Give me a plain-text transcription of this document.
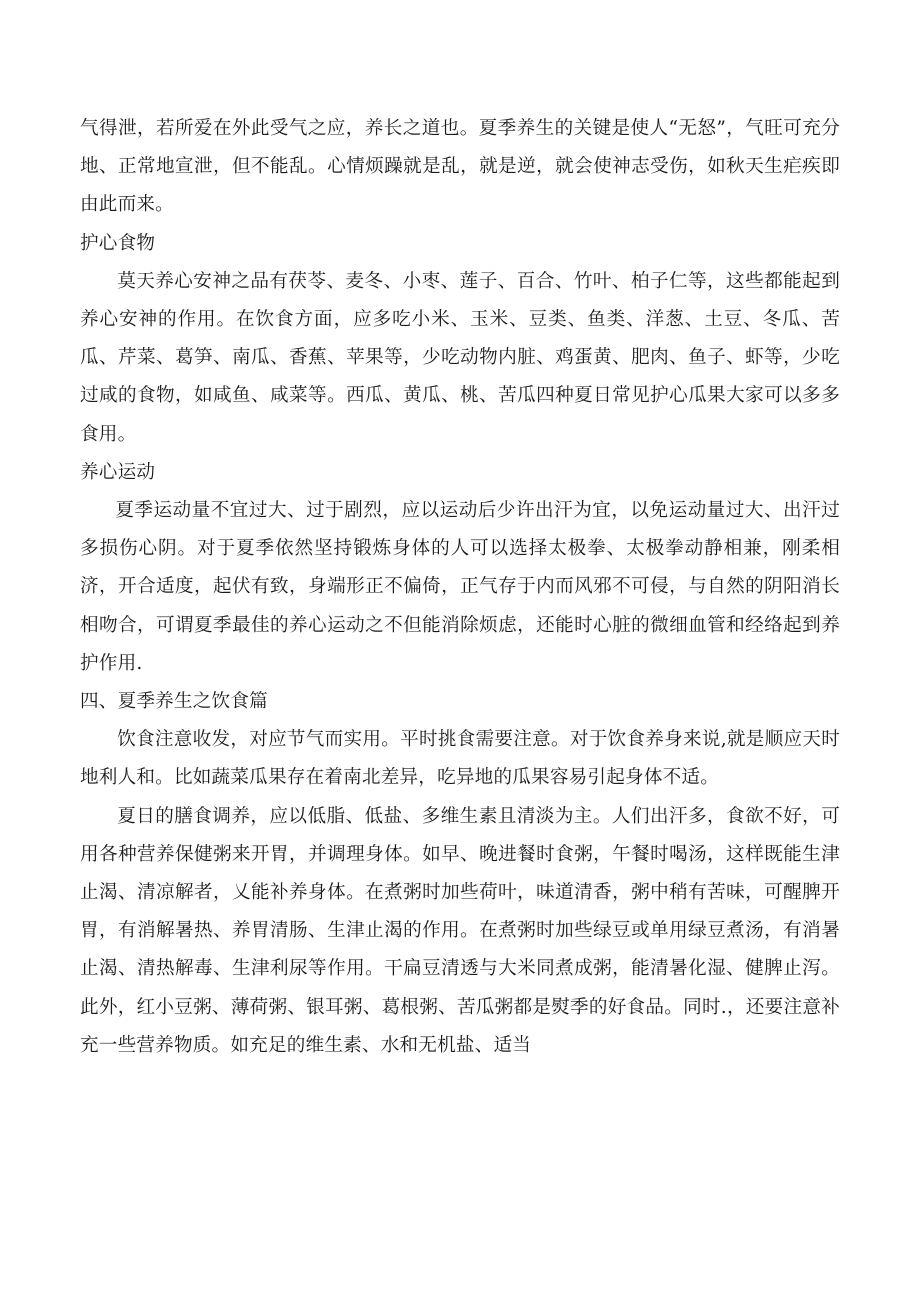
气得泄，若所爱在外此受气之应，养长之道也。夏季养生的关键是使人“无怒”，气旺可充分地、正常地宣泄，但不能乱。心情烦躁就是乱，就是逆，就会使神志受伤，如秋天生疟疾即由此而来。

护心食物

莫天养心安神之品有茯苓、麦冬、小枣、莲子、百合、竹叶、柏子仁等，这些都能起到养心安神的作用。在饮食方面，应多吃小米、玉米、豆类、鱼类、洋葱、土豆、冬瓜、苦瓜、芹菜、葛笋、南瓜、香蕉、苹果等，少吃动物内脏、鸡蛋黄、肥肉、鱼子、虾等，少吃过咸的食物，如咸鱼、咸菜等。西瓜、黄瓜、桃、苦瓜四种夏日常见护心瓜果大家可以多多食用。

养心运动

夏季运动量不宜过大、过于剧烈，应以运动后少许出汗为宜，以免运动量过大、出汗过多损伤心阴。对于夏季依然坚持锻炼身体的人可以选择太极拳、太极拳动静相兼，刚柔相济，开合适度，起伏有致，身端形正不偏倚，正气存于内而风邪不可侵，与自然的阴阳消长相吻合，可谓夏季最佳的养心运动之不但能消除烦虑，还能时心脏的微细血管和经络起到养护作用.

四、夏季养生之饮食篇

饮食注意收发，对应节气而实用。平时挑食需要注意。对于饮食养身来说,就是顺应天时地利人和。比如蔬菜瓜果存在着南北差异，吃异地的瓜果容易引起身体不适。

夏日的膳食调养，应以低脂、低盐、多维生素且清淡为主。人们出汗多，食欲不好，可用各种营养保健粥来开胃，并调理身体。如早、晚进餐时食粥，午餐时喝汤，这样既能生津止渴、清凉解者，乂能补养身体。在煮粥时加些荷叶，味道清香，粥中稍有苦味，可醒脾开胃，有消解暑热、养胃清肠、生津止渴的作用。在煮粥时加些绿豆或单用绿豆煮汤，有消暑止渴、清热解毒、生津利尿等作用。干扁豆清透与大米同煮成粥，能清暑化湿、健脾止泻。此外，红小豆粥、薄荷粥、银耳粥、葛根粥、苦瓜粥都是熨季的好食品。同时.，还要注意补充一些营养物质。如充足的维生素、水和无机盐、适当
